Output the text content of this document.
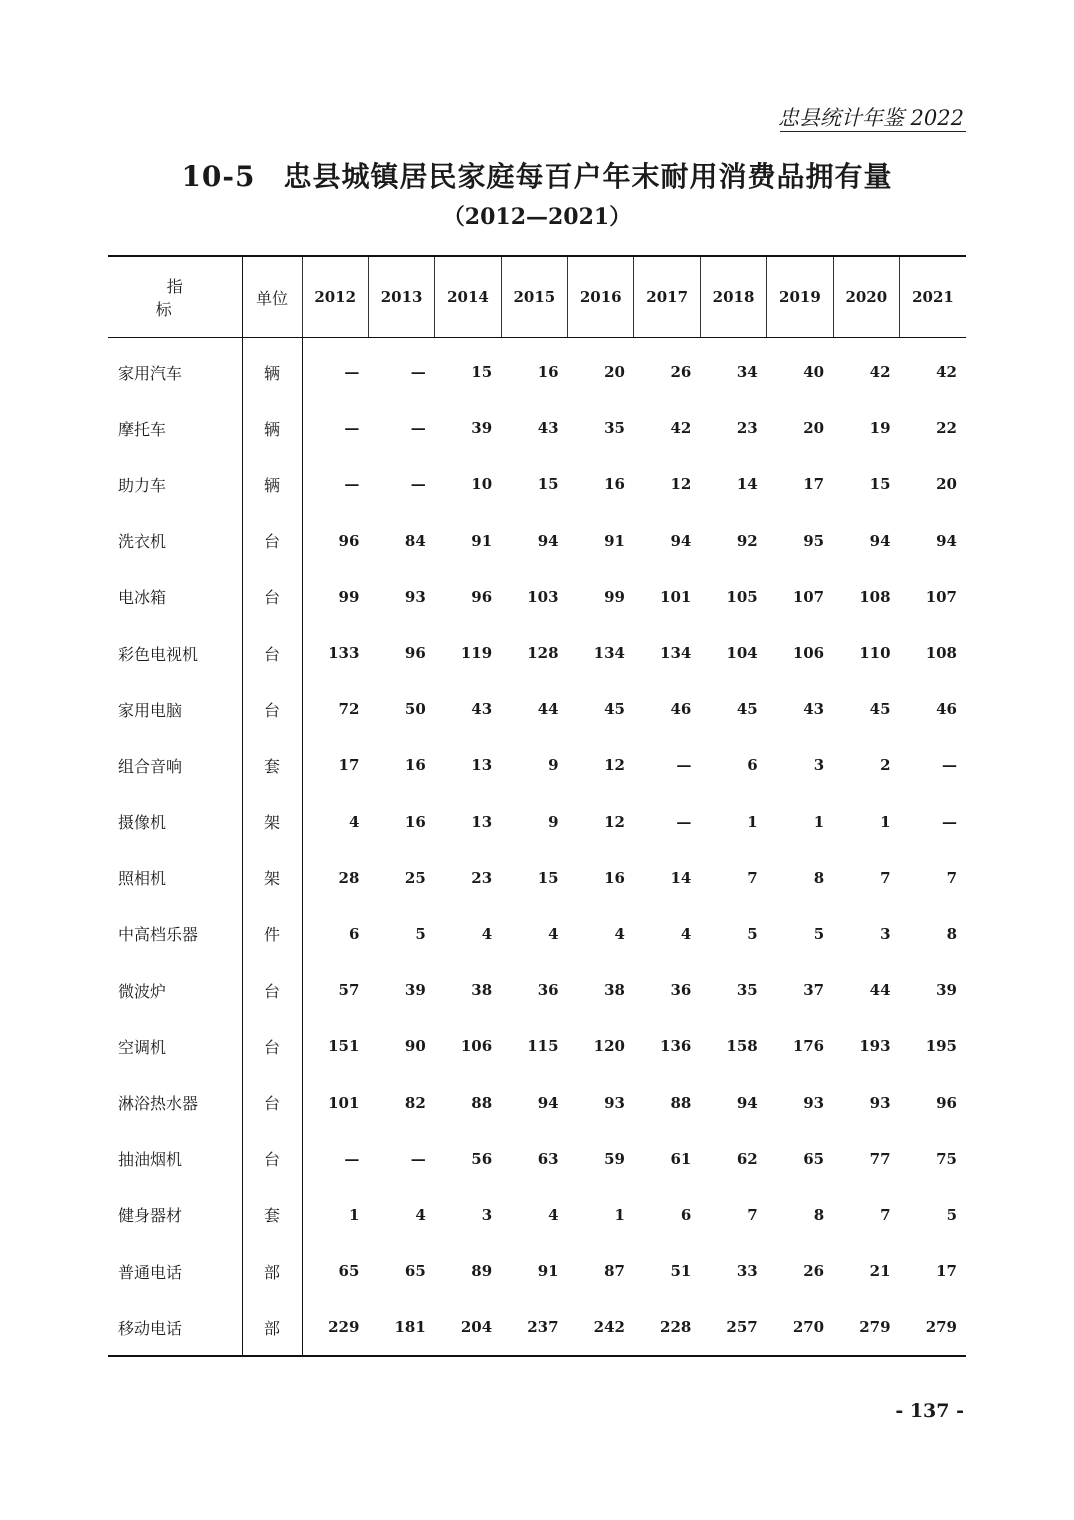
忠县统计年鉴 2022
10-5 忠县城镇居民家庭每百户年末耐用消费品拥有量
（2012—2021）
指　标	单位	2012	2013	2014	2015	2016	2017	2018	2019	2020	2021
家用汽车	辆	—	—	15	16	20	26	34	40	42	42
摩托车	辆	—	—	39	43	35	42	23	20	19	22
助力车	辆	—	—	10	15	16	12	14	17	15	20
洗衣机	台	96	84	91	94	91	94	92	95	94	94
电冰箱	台	99	93	96	103	99	101	105	107	108	107
彩色电视机	台	133	96	119	128	134	134	104	106	110	108
家用电脑	台	72	50	43	44	45	46	45	43	45	46
组合音响	套	17	16	13	9	12	—	6	3	2	—
摄像机	架	4	16	13	9	12	—	1	1	1	—
照相机	架	28	25	23	15	16	14	7	8	7	7
中高档乐器	件	6	5	4	4	4	4	5	5	3	8
微波炉	台	57	39	38	36	38	36	35	37	44	39
空调机	台	151	90	106	115	120	136	158	176	193	195
淋浴热水器	台	101	82	88	94	93	88	94	93	93	96
抽油烟机	台	—	—	56	63	59	61	62	65	77	75
健身器材	套	1	4	3	4	1	6	7	8	7	5
普通电话	部	65	65	89	91	87	51	33	26	21	17
移动电话	部	229	181	204	237	242	228	257	270	279	279
- 137 -
